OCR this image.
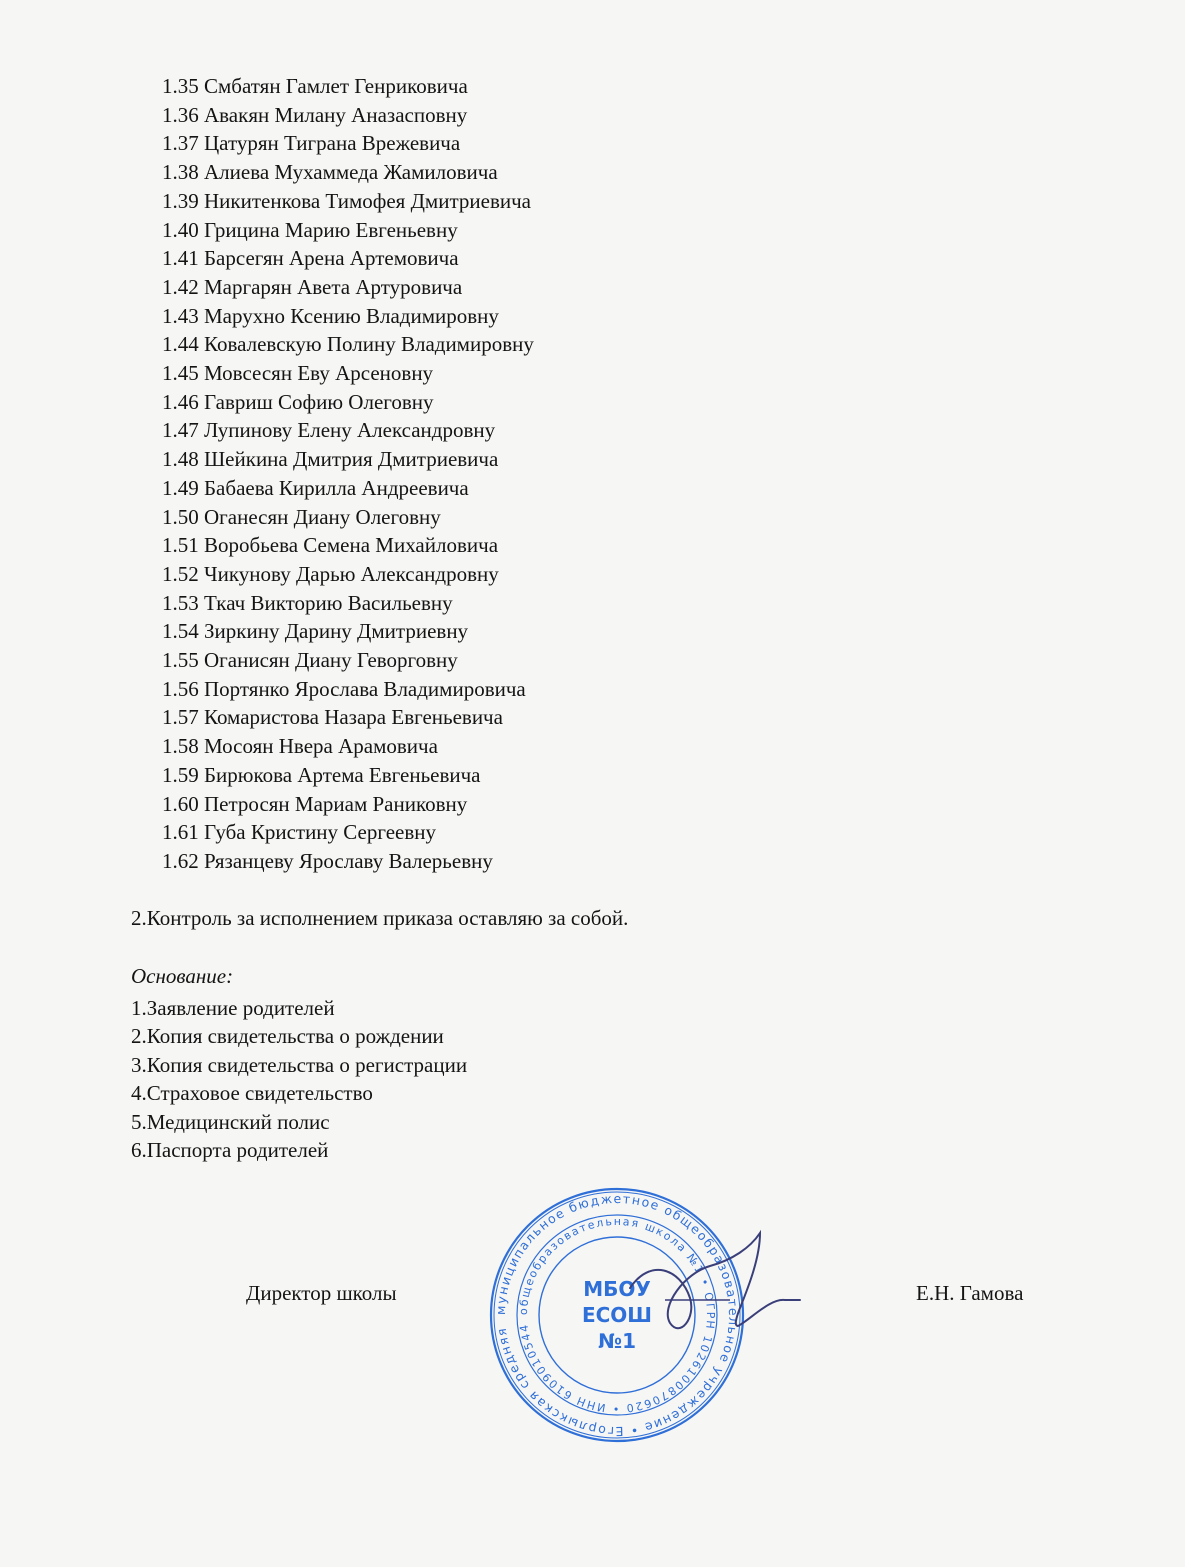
1.35 Смбатян Гамлет Генриковича
1.36 Авакян Милану Аназасповну
1.37 Цатурян Тиграна Врежевича
1.38 Алиева Мухаммеда Жамиловича
1.39 Никитенкова Тимофея Дмитриевича
1.40 Грицина Марию Евгеньевну
1.41 Барсегян Арена Артемовича
1.42 Маргарян Авета Артуровича
1.43 Марухно Ксению Владимировну
1.44 Ковалевскую Полину Владимировну
1.45 Мовсесян Еву Арсеновну
1.46 Гавриш Софию Олеговну
1.47 Лупинову Елену Александровну
1.48 Шейкина Дмитрия Дмитриевича
1.49 Бабаева Кирилла Андреевича
1.50 Оганесян Диану Олеговну
1.51 Воробьева Семена Михайловича
1.52 Чикунову Дарью Александровну
1.53 Ткач Викторию Васильевну
1.54 Зиркину Дарину Дмитриевну
1.55 Оганисян Диану Геворговну
1.56 Портянко Ярослава Владимировича
1.57 Комаристова Назара Евгеньевича
1.58 Мосоян Нвера Арамовича
1.59 Бирюкова Артема Евгеньевича
1.60 Петросян Мариам Раниковну
1.61 Губа Кристину Сергеевну
1.62 Рязанцеву Ярославу Валерьевну

2.Контроль за исполнением приказа оставляю за собой.

Основание:

1.Заявление родителей
2.Копия свидетельства о рождении
3.Копия свидетельства о регистрации
4.Страховое свидетельство
5.Медицинский полис
6.Паспорта родителей
Директор школы	Е.Н. Гамова
муниципальное бюджетное общеобразовательное учреждение • Егорлыкская средняя
общеобразовательная школа №1 • ОГРН 1026100870620 • ИНН 6109010544
МБОУ
ЕСОШ
№1
